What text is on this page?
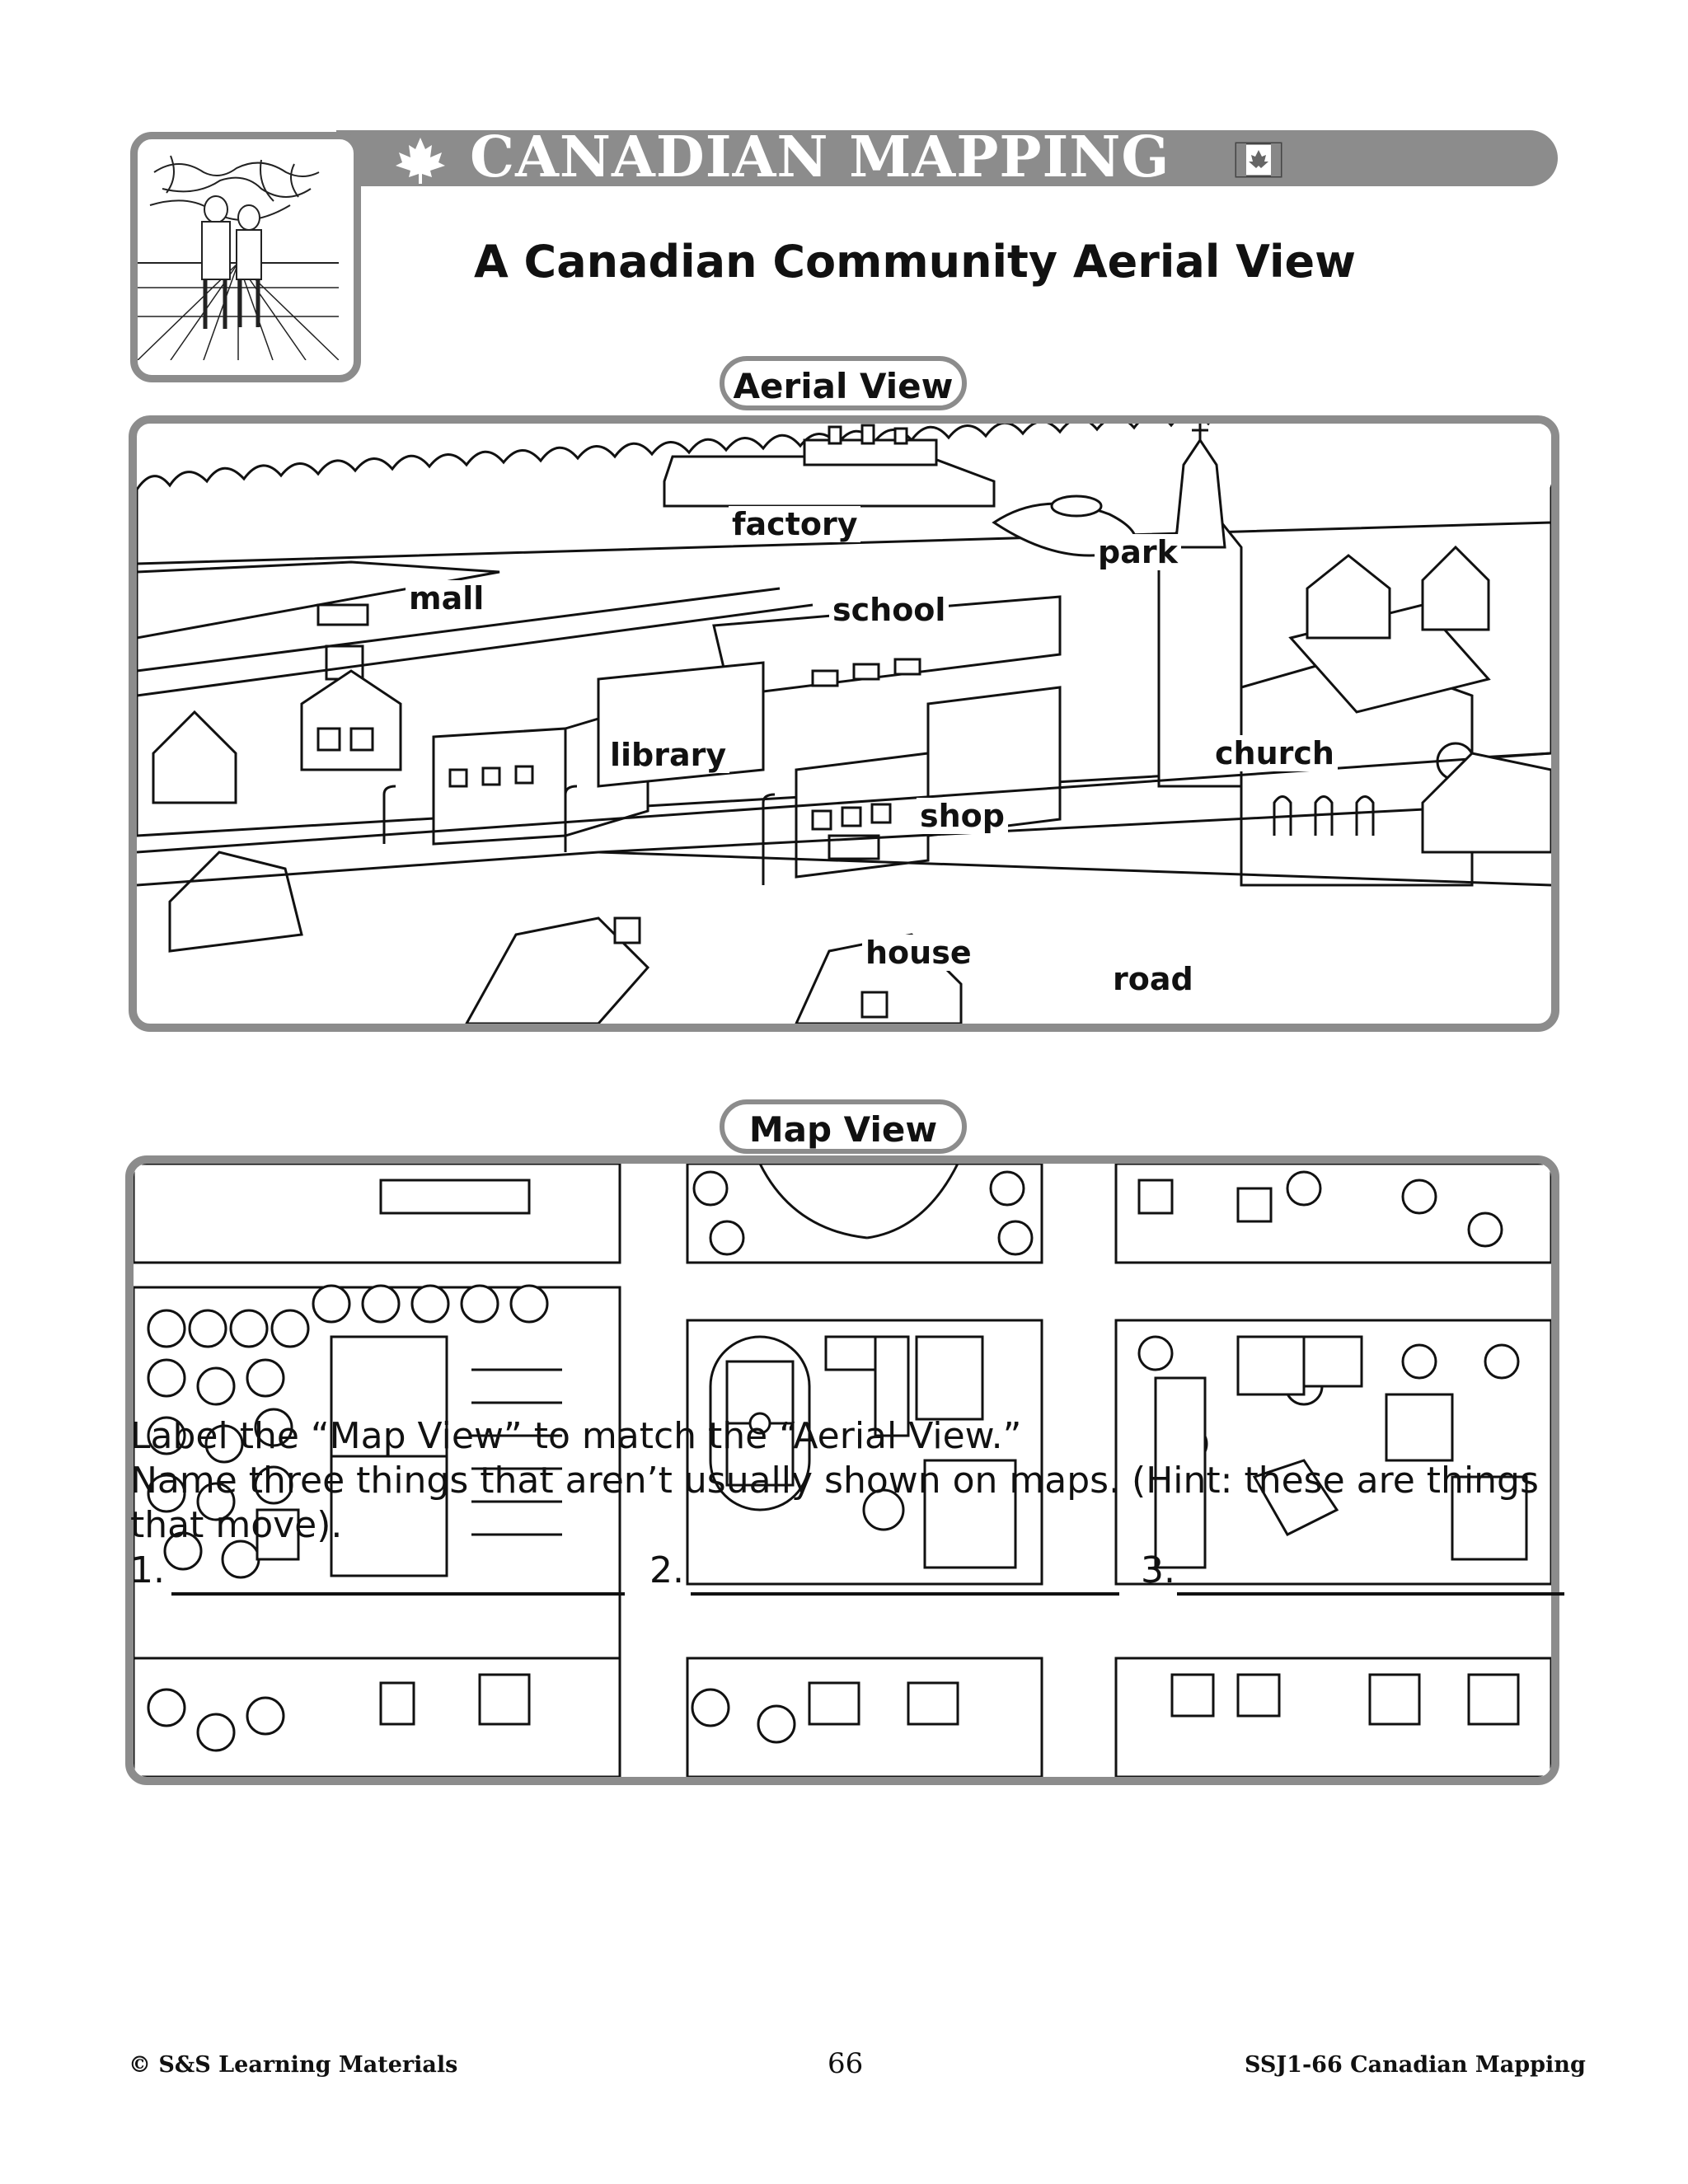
CANADIAN MAPPING
A Canadian Community Aerial View
Aerial View
factory
park
mall	school
library	church
shop
house
road
Map View
Label the “Map View” to match the “Aerial View.”
Name three things that aren’t usually shown on maps. (Hint: these are things that move).
1.	2.	3.
© S&S Learning Materials	66	SSJ1-66 Canadian Mapping
